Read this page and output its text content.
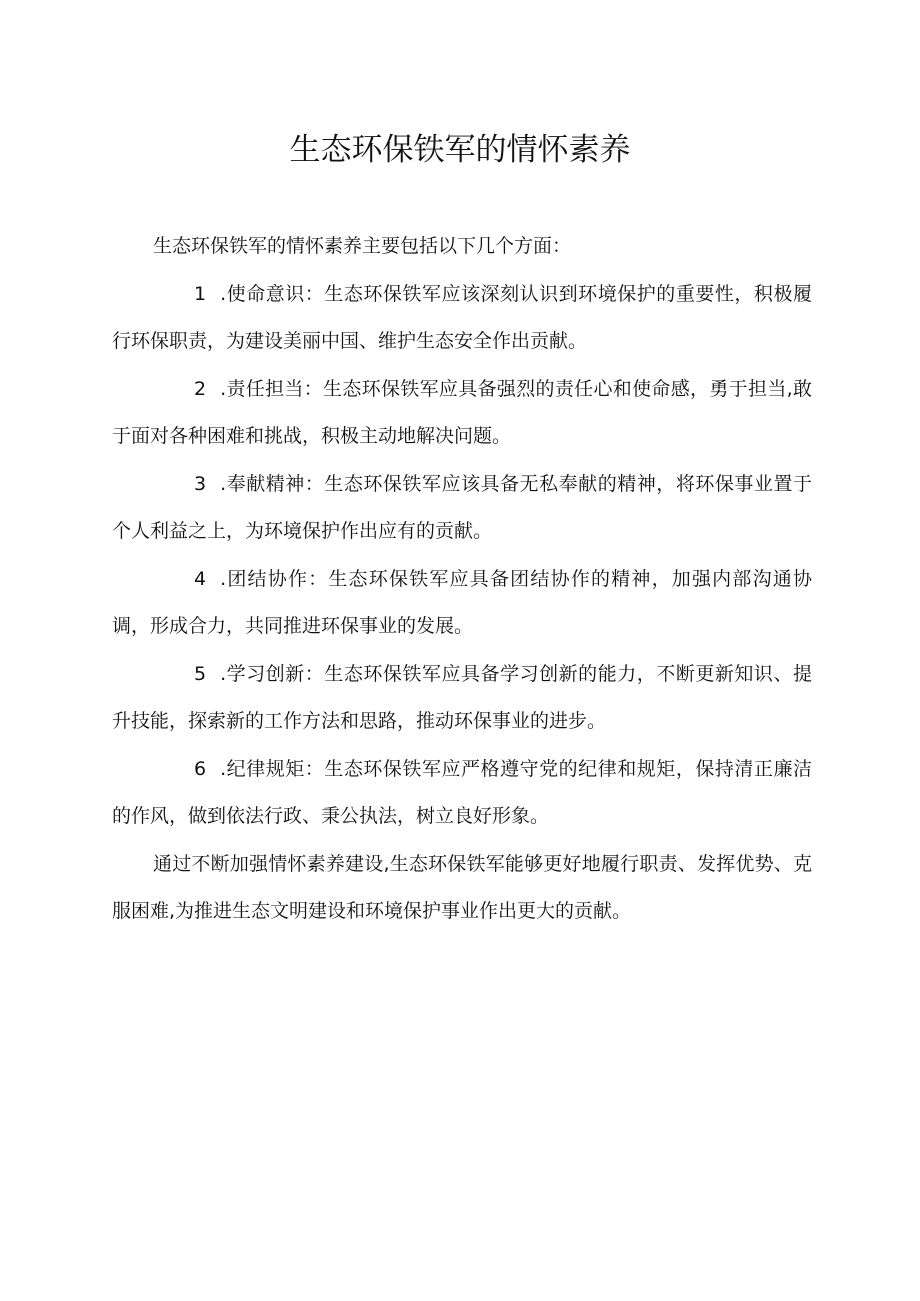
生态环保铁军的情怀素养

生态环保铁军的情怀素养主要包括以下几个方面：

1 .使命意识：生态环保铁军应该深刻认识到环境保护的重要性，积极履行环保职责，为建设美丽中国、维护生态安全作出贡献。

2 .责任担当：生态环保铁军应具备强烈的责任心和使命感，勇于担当,敢于面对各种困难和挑战，积极主动地解决问题。

3 .奉献精神：生态环保铁军应该具备无私奉献的精神，将环保事业置于个人利益之上，为环境保护作出应有的贡献。

4 .团结协作：生态环保铁军应具备团结协作的精神，加强内部沟通协调，形成合力，共同推进环保事业的发展。

5 .学习创新：生态环保铁军应具备学习创新的能力，不断更新知识、提升技能，探索新的工作方法和思路，推动环保事业的进步。

6 .纪律规矩：生态环保铁军应严格遵守党的纪律和规矩，保持清正廉洁的作风，做到依法行政、秉公执法，树立良好形象。

通过不断加强情怀素养建设,生态环保铁军能够更好地履行职责、发挥优势、克服困难,为推进生态文明建设和环境保护事业作出更大的贡献。
